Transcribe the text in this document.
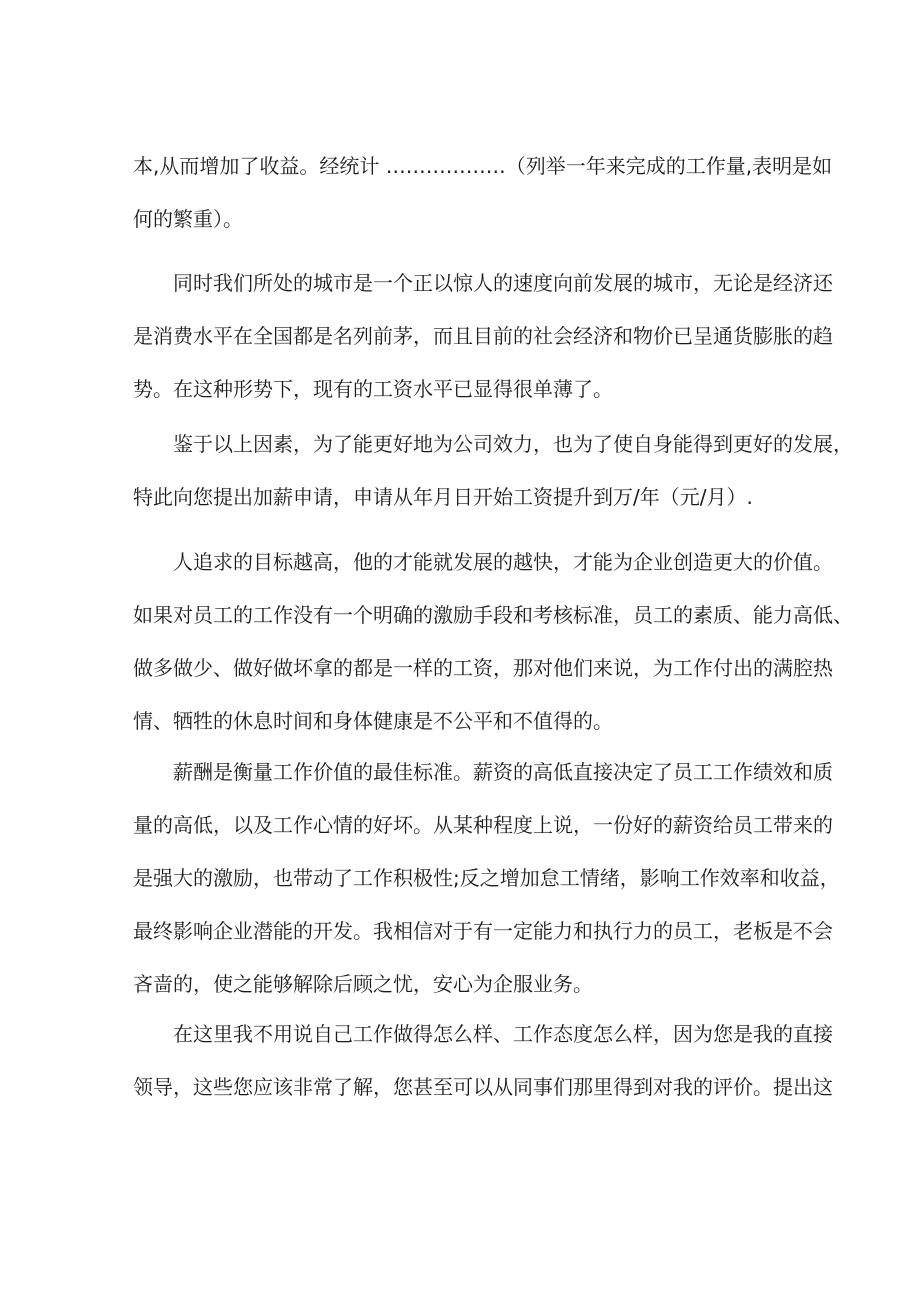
本,从而增加了收益。经统计 ………………（列举一年来完成的工作量,表明是如
何的繁重）。
同时我们所处的城市是一个正以惊人的速度向前发展的城市，无论是经济还
是消费水平在全国都是名列前茅，而且目前的社会经济和物价已呈通货膨胀的趋
势。在这种形势下，现有的工资水平已显得很单薄了。
鉴于以上因素，为了能更好地为公司效力，也为了使自身能得到更好的发展，
特此向您提出加薪申请，申请从年月日开始工资提升到万/年（元/月）.
人追求的目标越高，他的才能就发展的越快，才能为企业创造更大的价值。
如果对员工的工作没有一个明确的激励手段和考核标准，员工的素质、能力高低、
做多做少、做好做坏拿的都是一样的工资，那对他们来说，为工作付出的满腔热
情、牺牲的休息时间和身体健康是不公平和不值得的。
薪酬是衡量工作价值的最佳标准。薪资的高低直接决定了员工工作绩效和质
量的高低，以及工作心情的好坏。从某种程度上说，一份好的薪资给员工带来的
是强大的激励，也带动了工作积极性;反之增加怠工情绪，影响工作效率和收益，
最终影响企业潜能的开发。我相信对于有一定能力和执行力的员工，老板是不会
吝啬的，使之能够解除后顾之忧，安心为企服业务。
在这里我不用说自己工作做得怎么样、工作态度怎么样，因为您是我的直接
领导，这些您应该非常了解，您甚至可以从同事们那里得到对我的评价。提出这
